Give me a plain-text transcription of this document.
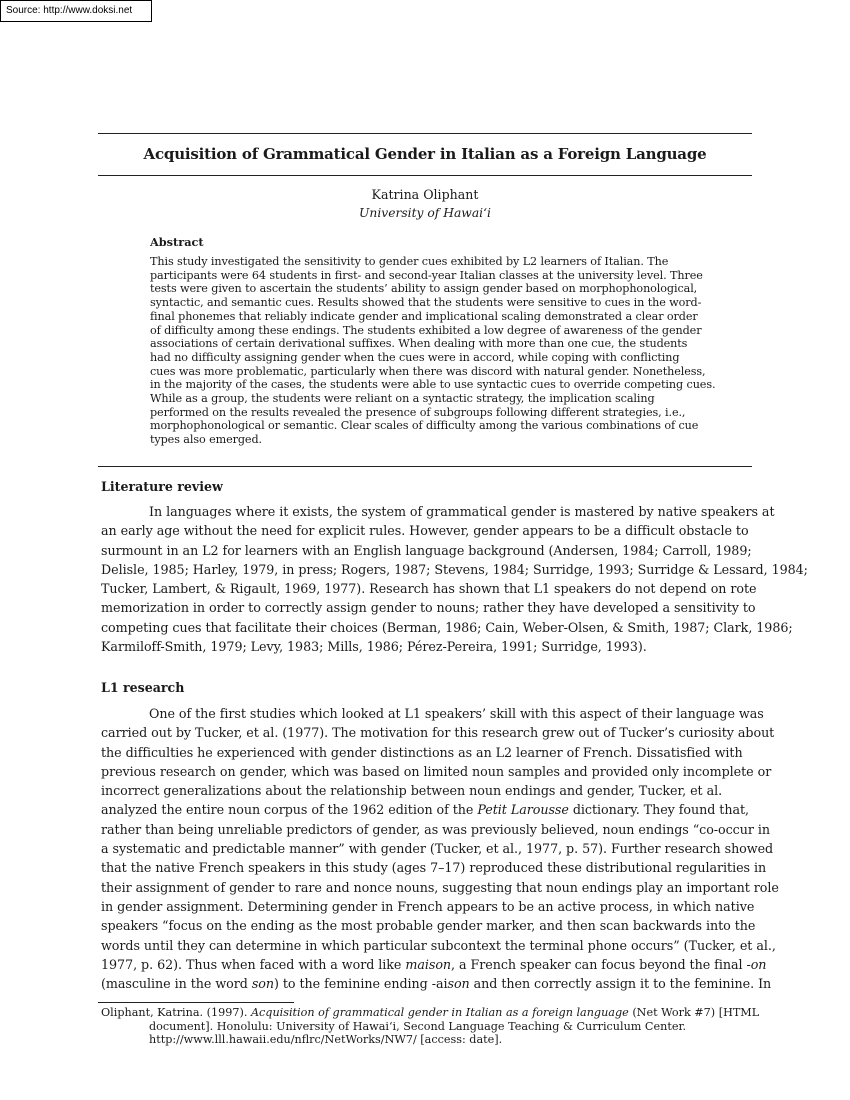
Source: http://www.doksi.net
Acquisition of Grammatical Gender in Italian as a Foreign Language
Katrina Oliphant
University of Hawai‘i
Abstract
This study investigated the sensitivity to gender cues exhibited by L2 learners of Italian. The
participants were 64 students in first- and second-year Italian classes at the university level. Three
tests were given to ascertain the students’ ability to assign gender based on morphophonological,
syntactic, and semantic cues. Results showed that the students were sensitive to cues in the word-
final phonemes that reliably indicate gender and implicational scaling demonstrated a clear order
of difficulty among these endings. The students exhibited a low degree of awareness of the gender
associations of certain derivational suffixes. When dealing with more than one cue, the students
had no difficulty assigning gender when the cues were in accord, while coping with conflicting
cues was more problematic, particularly when there was discord with natural gender. Nonetheless,
in the majority of the cases, the students were able to use syntactic cues to override competing cues.
While as a group, the students were reliant on a syntactic strategy, the implication scaling
performed on the results revealed the presence of subgroups following different strategies, i.e.,
morphophonological or semantic. Clear scales of difficulty among the various combinations of cue
types also emerged.
Literature review
In languages where it exists, the system of grammatical gender is mastered by native speakers at
an early age without the need for explicit rules. However, gender appears to be a difficult obstacle to
surmount in an L2 for learners with an English language background (Andersen, 1984; Carroll, 1989;
Delisle, 1985; Harley, 1979, in press; Rogers, 1987; Stevens, 1984; Surridge, 1993; Surridge & Lessard, 1984;
Tucker, Lambert, & Rigault, 1969, 1977). Research has shown that L1 speakers do not depend on rote
memorization in order to correctly assign gender to nouns; rather they have developed a sensitivity to
competing cues that facilitate their choices (Berman, 1986; Cain, Weber-Olsen, & Smith, 1987; Clark, 1986;
Karmiloff-Smith, 1979; Levy, 1983; Mills, 1986; Pérez-Pereira, 1991; Surridge, 1993).
L1 research
One of the first studies which looked at L1 speakers’ skill with this aspect of their language was
carried out by Tucker, et al. (1977). The motivation for this research grew out of Tucker’s curiosity about
the difficulties he experienced with gender distinctions as an L2 learner of French. Dissatisfied with
previous research on gender, which was based on limited noun samples and provided only incomplete or
incorrect generalizations about the relationship between noun endings and gender, Tucker, et al.
analyzed the entire noun corpus of the 1962 edition of the Petit Larousse dictionary. They found that,
rather than being unreliable predictors of gender, as was previously believed, noun endings “co-occur in
a systematic and predictable manner” with gender (Tucker, et al., 1977, p. 57). Further research showed
that the native French speakers in this study (ages 7–17) reproduced these distributional regularities in
their assignment of gender to rare and nonce nouns, suggesting that noun endings play an important role
in gender assignment. Determining gender in French appears to be an active process, in which native
speakers “focus on the ending as the most probable gender marker, and then scan backwards into the
words until they can determine in which particular subcontext the terminal phone occurs” (Tucker, et al.,
1977, p. 62). Thus when faced with a word like maison, a French speaker can focus beyond the final -on
(masculine in the word son) to the feminine ending -aison and then correctly assign it to the feminine. In
Oliphant, Katrina. (1997). Acquisition of grammatical gender in Italian as a foreign language (Net Work #7) [HTML
document]. Honolulu: University of Hawai‘i, Second Language Teaching & Curriculum Center.
http://www.lll.hawaii.edu/nflrc/NetWorks/NW7/ [access: date].
